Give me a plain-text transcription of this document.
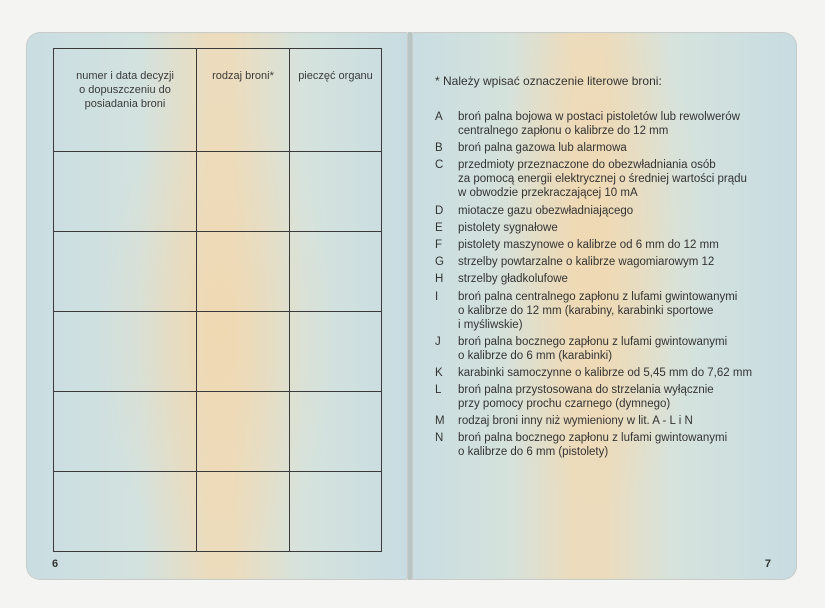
numer i data decyzji
o dopuszczeniu do
posiadania broni	rodzaj broni*	pieczęć organu

6
* Należy wpisać oznaczenie literowe broni:
A	broń palna bojowa w postaci pistoletów lub rewolwerów
centralnego zapłonu o kalibrze do 12 mm
B	broń palna gazowa lub alarmowa
C	przedmioty przeznaczone do obezwładniania osób
za pomocą energii elektrycznej o średniej wartości prądu
w obwodzie przekraczającej 10 mA
D	miotacze gazu obezwładniającego
E	pistolety sygnałowe
F	pistolety maszynowe o kalibrze od 6 mm do 12 mm
G	strzelby powtarzalne o kalibrze wagomiarowym 12
H	strzelby gładkolufowe
I	broń palna centralnego zapłonu z lufami gwintowanymi
o kalibrze do 12 mm (karabiny, karabinki sportowe
i myśliwskie)
J	broń palna bocznego zapłonu z lufami gwintowanymi
o kalibrze do 6 mm (karabinki)
K	karabinki samoczynne o kalibrze od 5,45 mm do 7,62 mm
L	broń palna przystosowana do strzelania wyłącznie
przy pomocy prochu czarnego (dymnego)
M	rodzaj broni inny niż wymieniony w lit. A - L i N
N	broń palna bocznego zapłonu z lufami gwintowanymi
o kalibrze do 6 mm (pistolety)
7
